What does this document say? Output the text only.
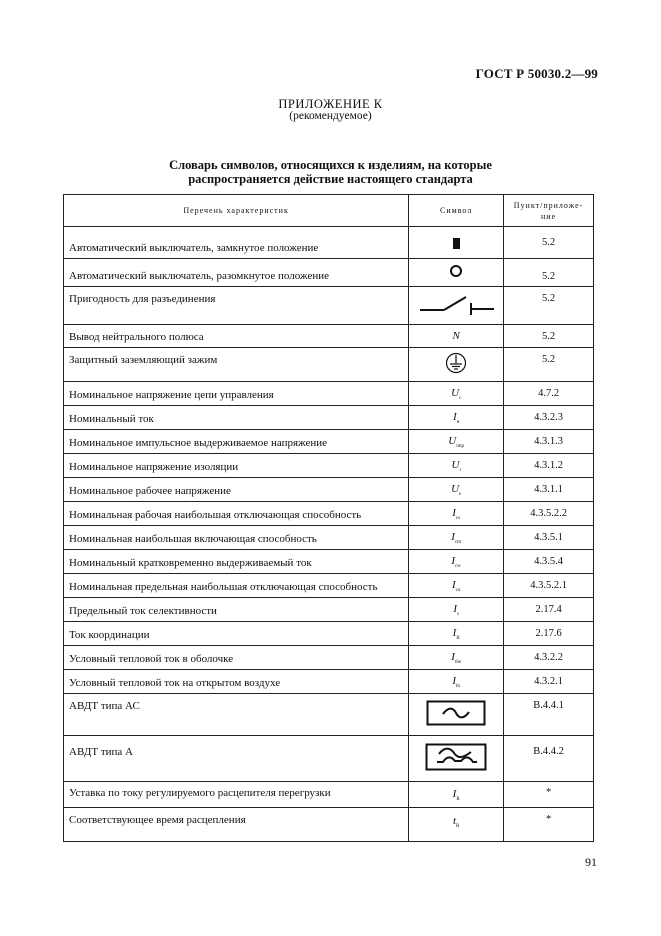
ГОСТ Р 50030.2—99
ПРИЛОЖЕНИЕ К
(рекомендуемое)
Словарь символов, относящихся к изделиям, на которые
распространяется действие настоящего стандарта
Перечень характеристик	Символ	Пункт/приложе-
ние

Автоматический выключатель, замкнутое положение		5.2
Автоматический выключатель, разомкнутое положение		5.2
Пригодность для разъединения		5.2
Вывод нейтрального полюса	N	5.2
Защитный заземляющий зажим		5.2
Номинальное напряжение цепи управления	$U_c$	4.7.2
Номинальный ток	$I_н$	4.3.2.3
Номинальное импульсное выдерживаемое напряжение	$U_{imp}$	4.3.1.3
Номинальное напряжение изоляции	$U_i$	4.3.1.2
Номинальное рабочее напряжение	$U_e$	4.3.1.1
Номинальная рабочая наибольшая отключающая способность	$I_{cs}$	4.3.5.2.2
Номинальная наибольшая включающая способность	$I_{cm}$	4.3.5.1
Номинальный кратковременно выдерживаемый ток	$I_{cw}$	4.3.5.4
Номинальная предельная наибольшая отключающая способность	$I_{cu}$	4.3.5.2.1
Предельный ток селективности	$I_s$	2.17.4
Ток координации	$I_B$	2.17.6
Условный тепловой ток в оболочке	$I_{the}$	4.3.2.2
Условный тепловой ток на открытом воздухе	$I_{th}$	4.3.2.1
АВДТ типа АС		B.4.4.1
АВДТ типа А		B.4.4.2
Уставка по току регулируемого расцепителя перегрузки	$I_R$	*
Соответствующее время расцепления	$t_R$	*
91
